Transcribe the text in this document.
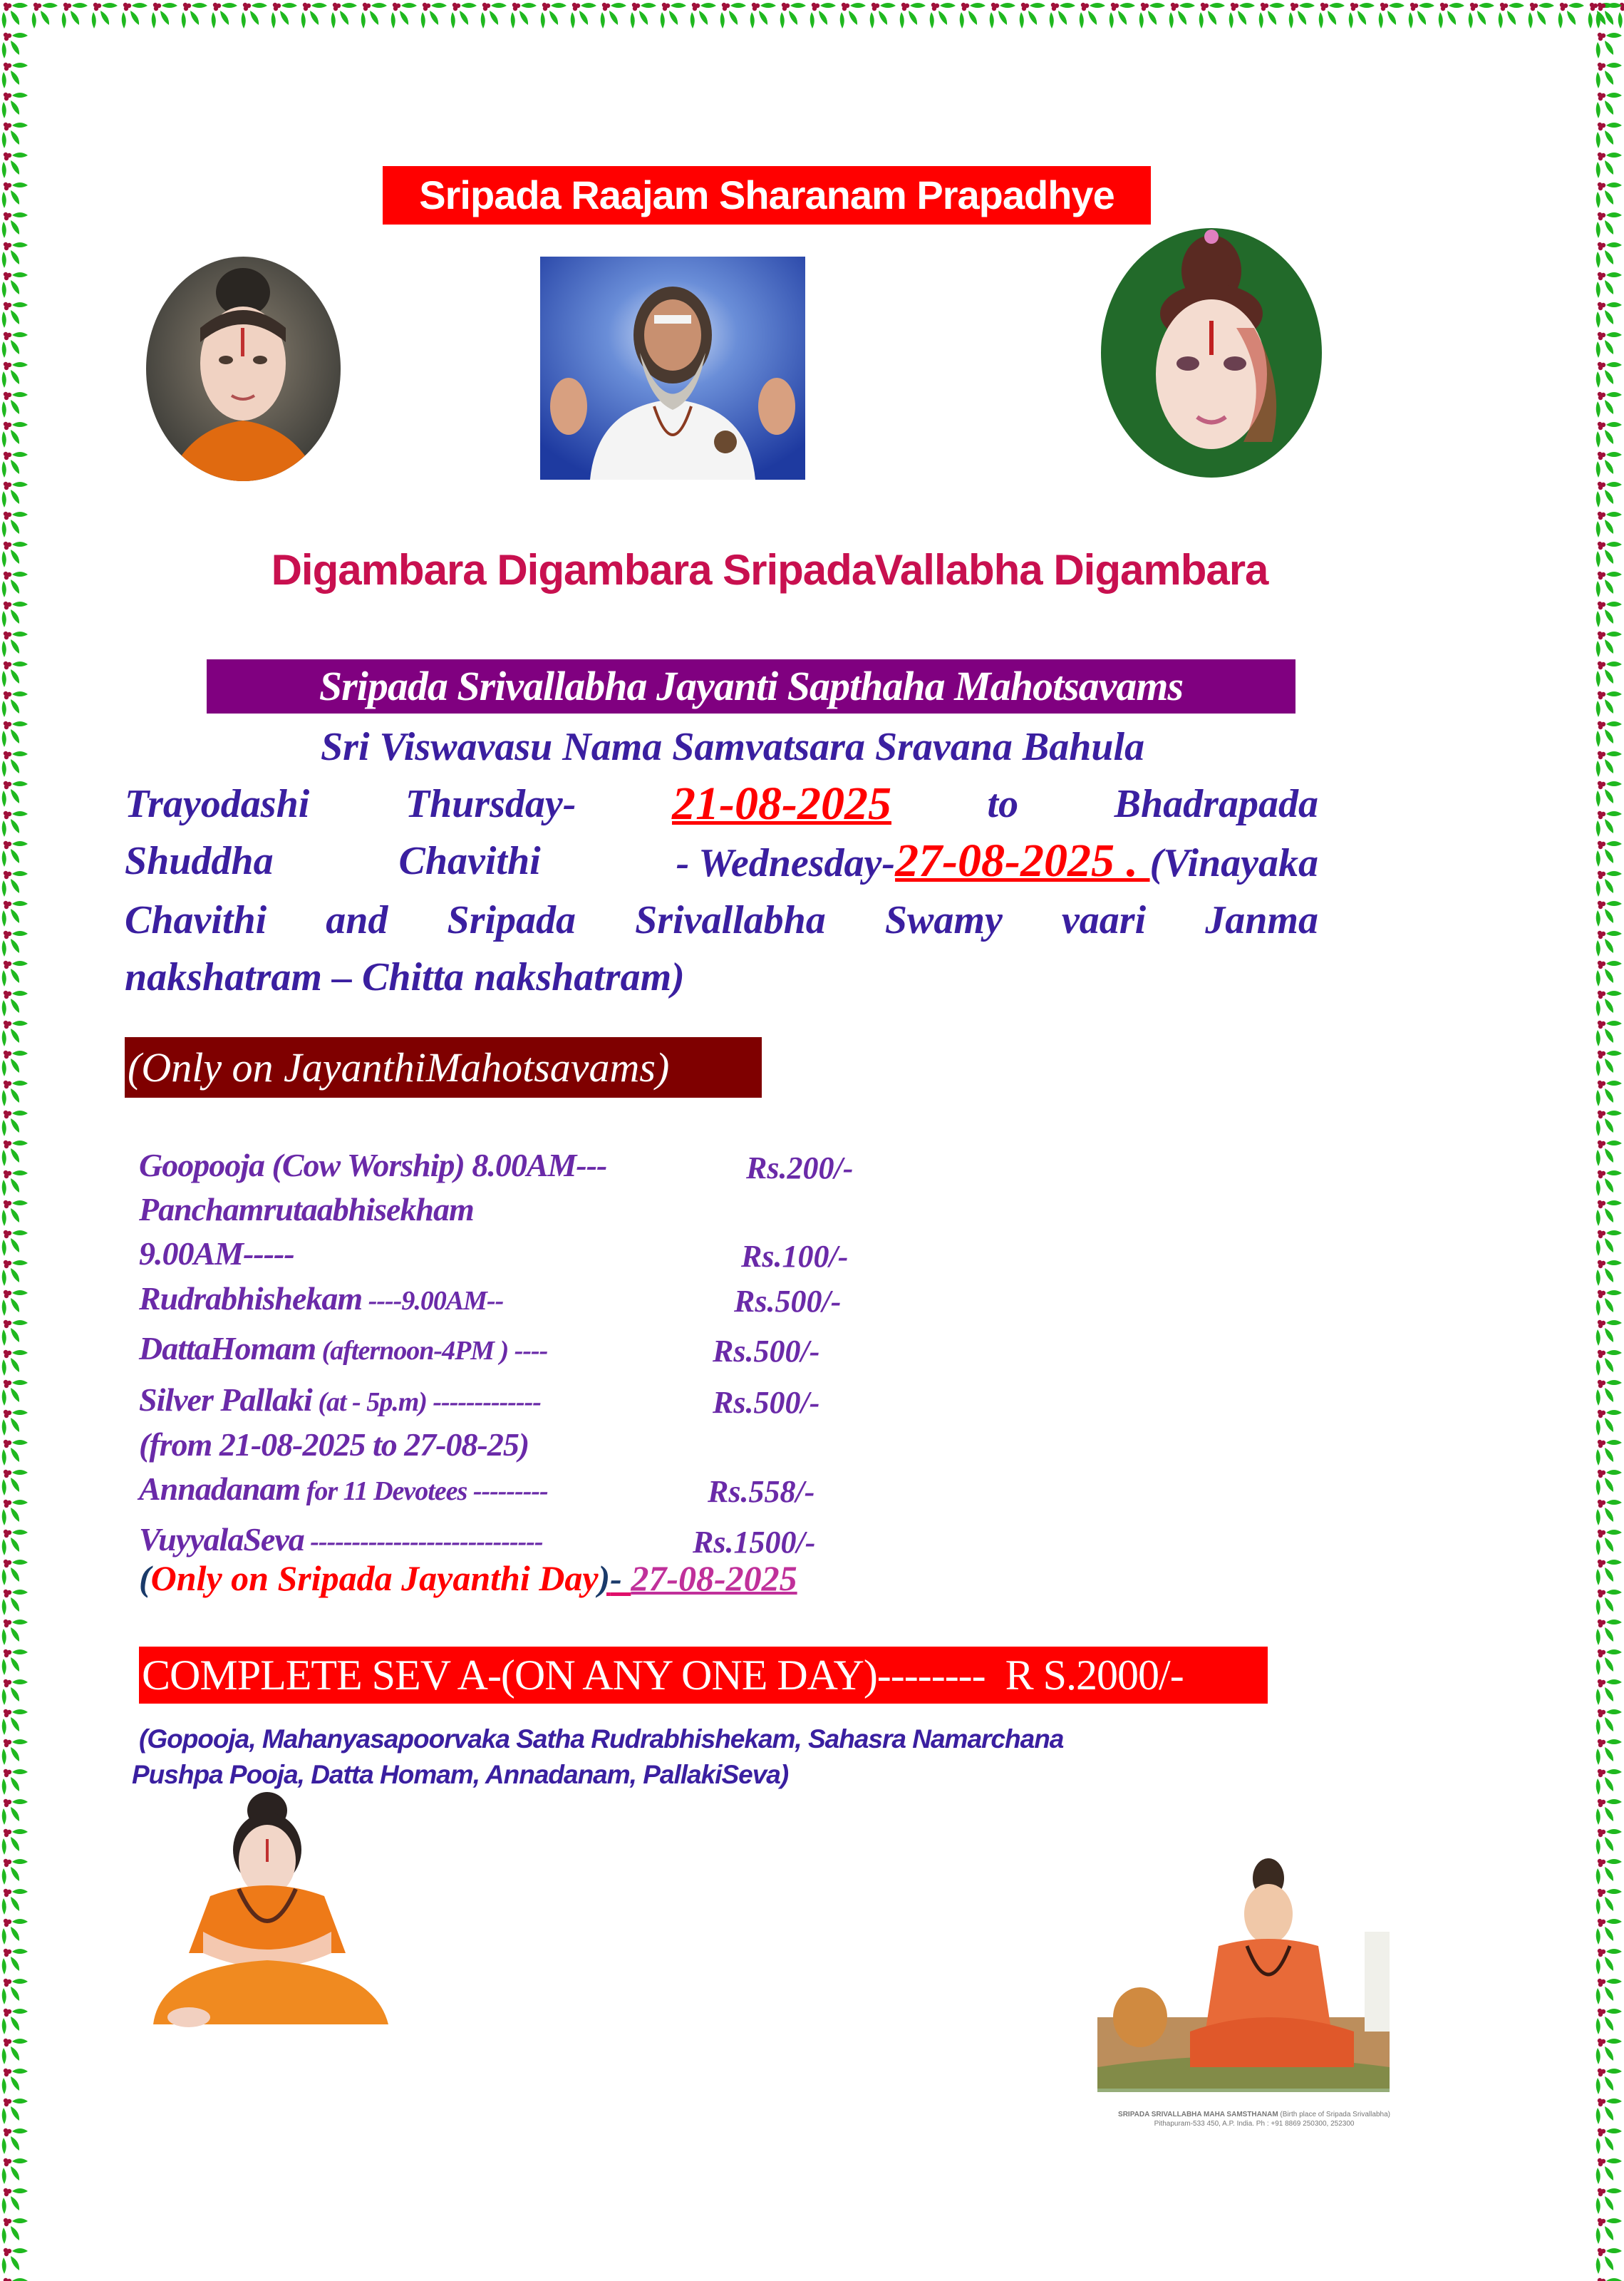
Sripada Raajam Sharanam Prapadhye
Digambara Digambara SripadaVallabha Digambara
Sripada Srivallabha Jayanti Sapthaha Mahotsavams
Sri Viswavasu Nama Samvatsara Sravana Bahula
Trayodashi Thursday- 21-08-2025 to Bhadrapada
Shuddha	Chavithi	- Wednesday-27-08-2025 . (Vinayaka
Chavithi and Sripada Srivallabha Swamy vaari Janma
nakshatram – Chitta nakshatram)
(Only on JayanthiMahotsavams)
Goopooja (Cow Worship) 8.00AM---	Rs.200/-
Panchamrutaabhisekham
9.00AM-----	Rs.100/-
Rudrabhishekam ----9.00AM--	Rs.500/-
DattaHomam (afternoon-4PM ) ----	Rs.500/-
Silver Pallaki (at - 5p.m) -------------	Rs.500/-
(from 21-08-2025 to 27-08-25)
Annadanam for 11 Devotees ---------	Rs.558/-
VuyyalaSeva ----------------------------	Rs.1500/-
(Only on Sripada Jayanthi Day)- 27-08-2025
COMPLETE SEV A-(ON ANY ONE DAY)--------  R S.2000/-
(Gopooja, Mahanyasapoorvaka Satha Rudrabhishekam, Sahasra Namarchana
Pushpa Pooja, Datta Homam, Annadanam, PallakiSeva)
SRIPADA SRIVALLABHA MAHA SAMSTHANAM (Birth place of Sripada Srivallabha)
Pithapuram-533 450, A.P. India. Ph : +91 8869 250300, 252300
